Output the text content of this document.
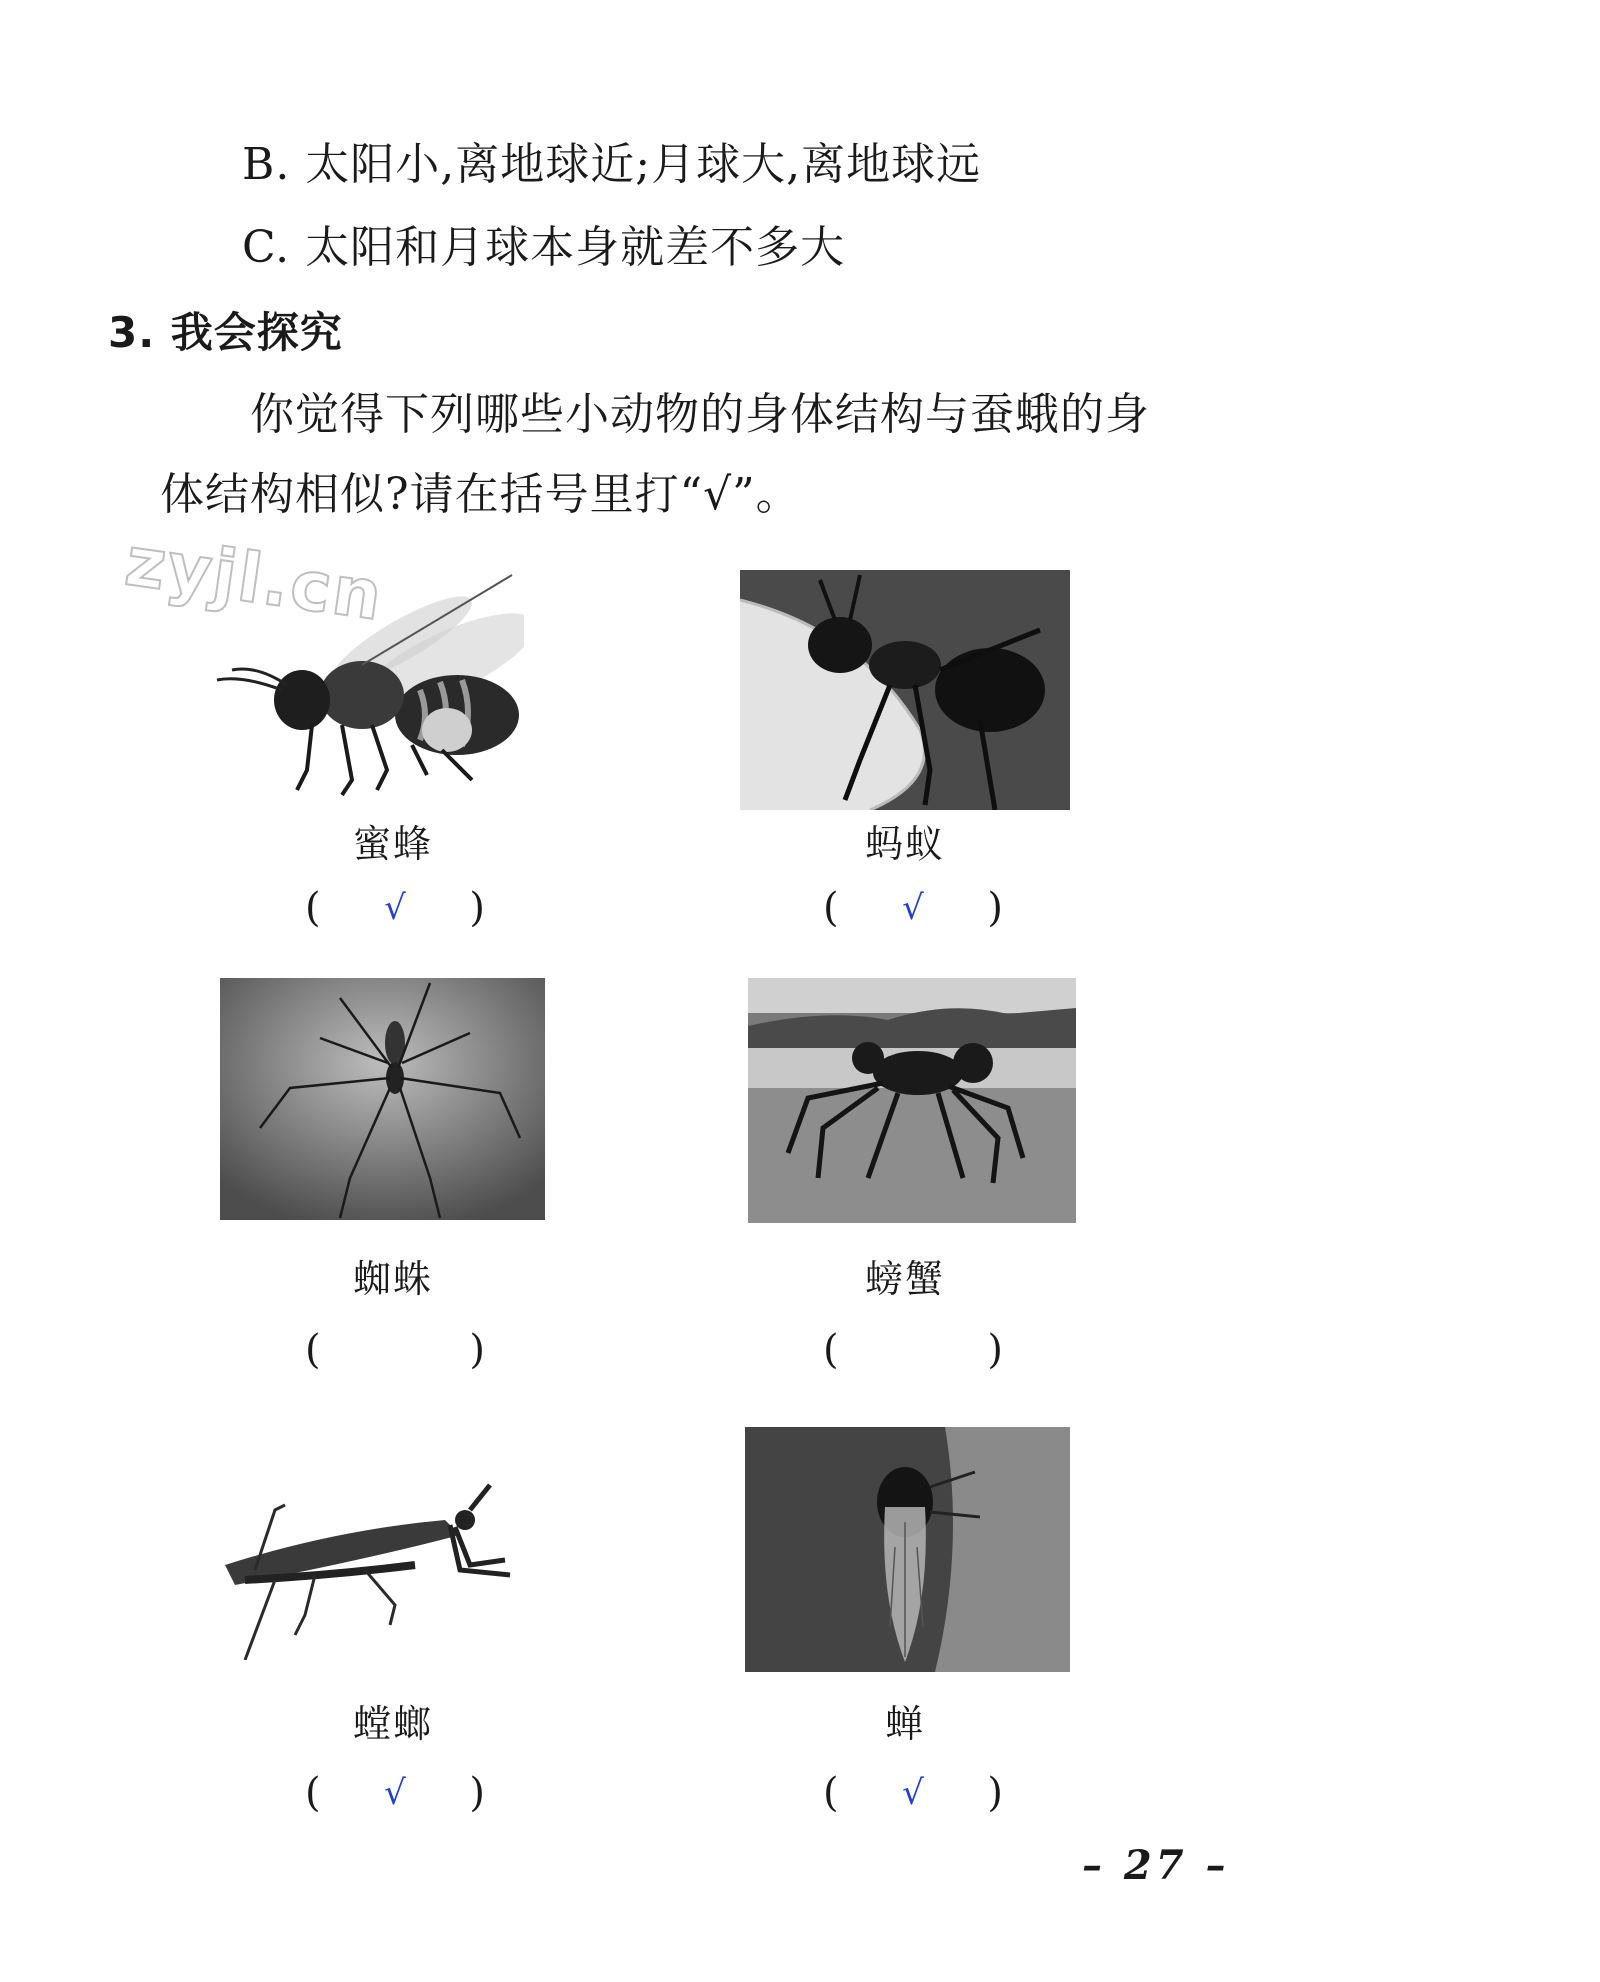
B. 太阳小,离地球近;月球大,离地球远
C. 太阳和月球本身就差不多大
3. 我会探究
你觉得下列哪些小动物的身体结构与蚕蛾的身
体结构相似?请在括号里打“√”。
zyjl.cn
蜜蜂	蚂蚁
(	√	)	(	√	)
蜘蛛	螃蟹
(	)	(	)
螳螂	蝉
(	√	)	(	√	)
– 27 –
